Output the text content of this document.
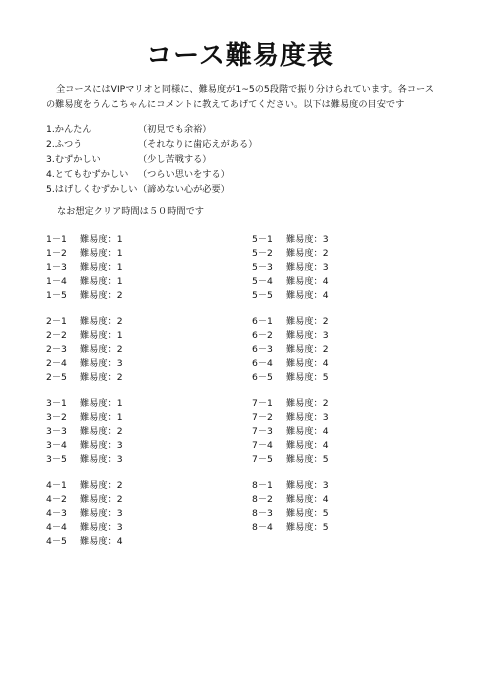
コース難易度表

全コースにはVIPマリオと同様に、難易度が1~5の5段階で振り分けられています。各コースの難易度をうんこちゃんにコメントに教えてあげてください。以下は難易度の目安です

1.かんたん	（初見でも余裕）
2.ふつう	（それなりに歯応えがある）
3.むずかしい	（少し苦戦する）
4.とてもむずかしい	（つらい思いをする）
5.はげしくむずかしい （諦めない心が必要）
なお想定クリア時間は５０時間です
1－1	難易度：1
1－2	難易度：1
1－3	難易度：1
1－4	難易度：1
1－5	難易度：2
2－1	難易度：2
2－2	難易度：1
2－3	難易度：2
2－4	難易度：3
2－5	難易度：2
3－1	難易度：1
3－2	難易度：1
3－3	難易度：2
3－4	難易度：3
3－5	難易度：3
4－1	難易度：2
4－2	難易度：2
4－3	難易度：3
4－4	難易度：3
4－5	難易度：4
5－1	難易度：3
5－2	難易度：2
5－3	難易度：3
5－4	難易度：4
5－5	難易度：4
6－1	難易度：2
6－2	難易度：3
6－3	難易度：2
6－4	難易度：4
6－5	難易度：5
7－1	難易度：2
7－2	難易度：3
7－3	難易度：4
7－4	難易度：4
7－5	難易度：5
8－1	難易度：3
8－2	難易度：4
8－3	難易度：5
8－4	難易度：5
